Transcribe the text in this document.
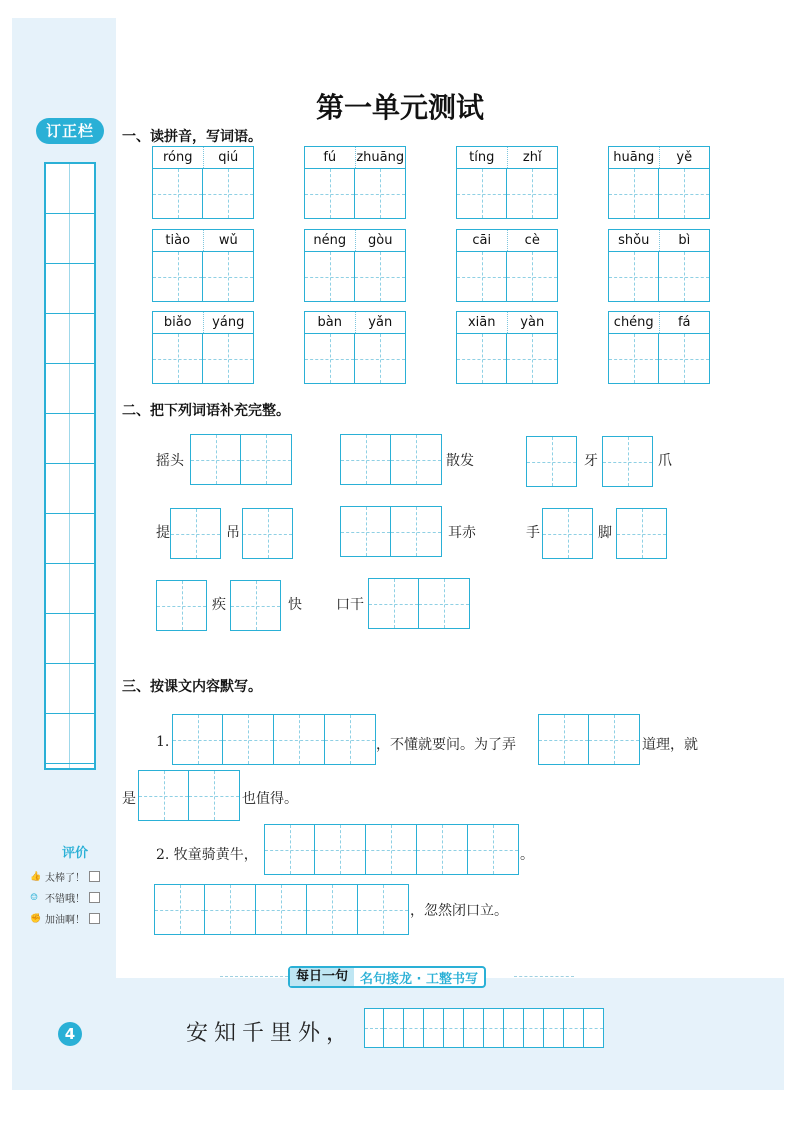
订正栏
评价
👍 太棒了！
☺ 不错哦！
✊ 加油啊！
4
第一单元测试
一、读拼音，写词语。
róng	qiú	fú	zhuāng	tíng	zhǐ	huāng	yě
tiào	wǔ	néng	gòu	cāi	cè	shǒu	bì
biǎo	yáng	bàn	yǎn	xiān	yàn	chéng	fá
二、把下列词语补充完整。
摇头	散发	牙	爪
提	吊	耳赤	手	脚
疾	快 口干
三、按课文内容默写。
1.	，不懂就要问。为了弄	道理，就
是	也值得。
2. 牧童骑黄牛，	。
，忽然闭口立。
每日一句 名句接龙 · 工整书写
安知千里外，
